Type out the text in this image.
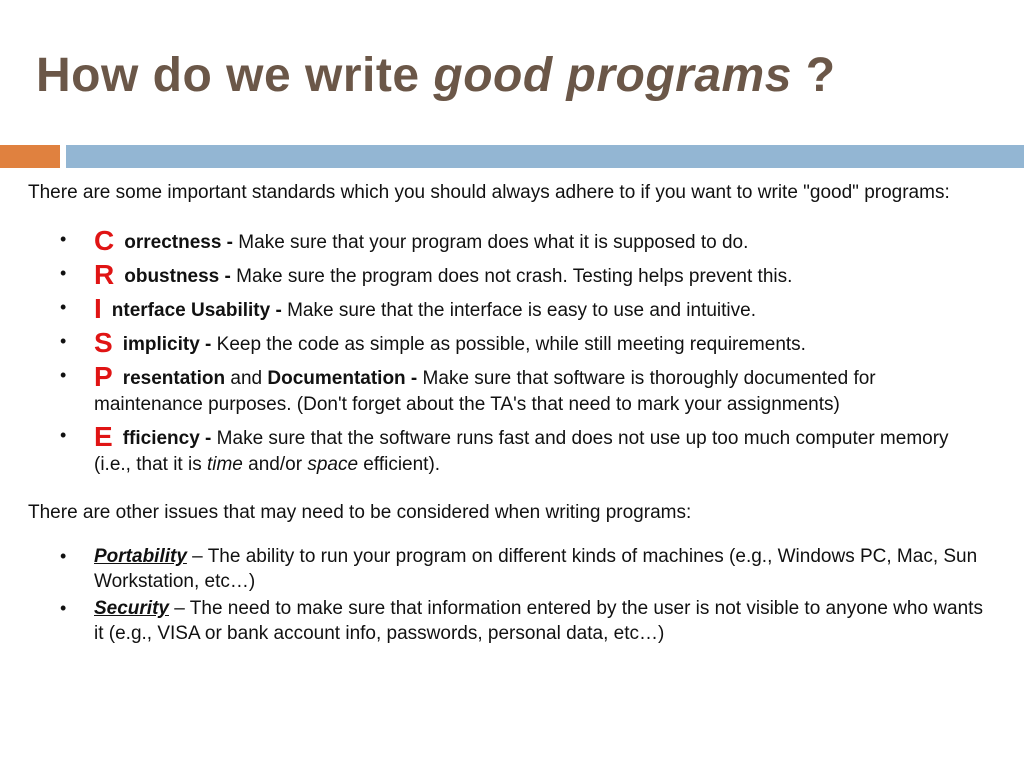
How do we write good programs ?

There are some important standards which you should always adhere to if you want to write "good" programs:

• C orrectness - Make sure that your program does what it is supposed to do.
• R obustness - Make sure the program does not crash. Testing helps prevent this.
• I nterface Usability - Make sure that the interface is easy to use and intuitive.
• S implicity - Keep the code as simple as possible, while still meeting requirements.
• P resentation and Documentation - Make sure that software is thoroughly documented for maintenance purposes. (Don't forget about the TA's that need to mark your assignments)
• E fficiency - Make sure that the software runs fast and does not use up too much computer memory (i.e., that it is time and/or space efficient).

There are other issues that may need to be considered when writing programs:

• Portability – The ability to run your program on different kinds of machines (e.g., Windows PC, Mac, Sun Workstation, etc…)
• Security – The need to make sure that information entered by the user is not visible to anyone who wants it (e.g., VISA or bank account info, passwords, personal data, etc…)
